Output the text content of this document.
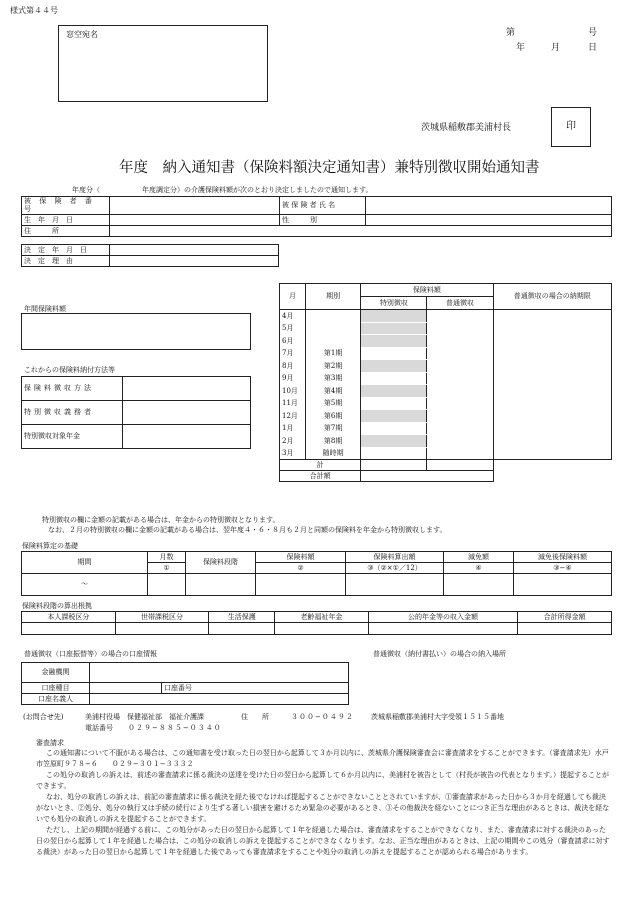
様式第４４号
窓空宛名	第	号
年	月	日
茨城県稲敷郡美浦村長	印
年度　納入通知書（保険料額決定通知書）兼特別徴収開始通知書
年度分（	年度調定分）の介護保険料額が次のとおり決定しましたので通知します。
被 保 険 者 番 号		被 保 険 者 氏 名	
生　年　月　日		性　　　別	
住　　　所			
決　定　年　月　日	
決　定　理　由	
年間保険料額
これからの保険料納付方法等
保険料徴収方法	
特別徴収義務者	
特別徴収対象年金	
月	期別	保険料額		普通徴収の場合の納期限
		特別徴収	普通徴収	
4月				
5月				
6月				
7月	第1期			
8月	第2期			
9月	第3期			
10月	第4期			
11月	第5期			
12月	第6期			
1月	第7期			
2月	第8期			
3月	随時期			
計				
合計額				
特別徴収の欄に金額の記載がある場合は、年金からの特別徴収となります。
なお、２月の特別徴収の欄に金額の記載がある場合は、翌年度４・６・８月も２月と同額の保険料を年金から特別徴収します。
保険料算定の基礎
期間	月数	保険料段階	保険料額	保険料算出額	減免額	減免後保険料額
	①		②	③（②×①／12）	④	③−④
〜						
保険料段階の算出根拠
本人課税区分	世帯課税区分	生活保護	老齢福祉年金	公的年金等の収入金額	合計所得金額

普通徴収（口座振替等）の場合の口座情報	普通徴収（納付書払い）の場合の納入場所
金融機関		
口座種目		口座番号
口座名義人		
(お問合せ先)	美浦村役場　保健福祉部　福祉介護課	住　　所	３００−０４９２ 茨城県稲敷郡美浦村大字受領１５１５番地
電話番号 ０２９−８８５−０３４０
審査請求

この通知書について不服がある場合は、この通知書を受け取った日の翌日から起算して３か月以内に、茨城県介護保険審査会に審査請求をすることができます。（審査請求先）水戸市笠原町９７８−６　　０２９−３０１−３３３２

この処分の取消しの訴えは、前述の審査請求に係る裁決の送達を受けた日の翌日から起算して６か月以内に、美浦村を被告として（村長が被告の代表となります。）提起することができます。

なお、処分の取消しの訴えは、前記の審査請求に係る裁決を経た後でなければ提起することができないこととされていますが、①審査請求があった日から３か月を経過しても裁決がないとき、②処分、処分の執行又は手続の続行により生ずる著しい損害を避けるため緊急の必要があるとき、③その他裁決を経ないことにつき正当な理由があるときは、裁決を経ないでも処分の取消しの訴えを提起することができます。

ただし、上記の期間が経過する前に、この処分があった日の翌日から起算して１年を経過した場合は、審査請求をすることができなくなり、また、審査請求に対する裁決のあった日の翌日から起算して１年を経過した場合は、この処分の取消しの訴えを提起することができなくなります。なお、正当な理由があるときは、上記の期間やこの処分（審査請求に対する裁決）があった日の翌日から起算して１年を経過した後であっても審査請求をすることや処分の取消しの訴えを提起することが認められる場合があります。
